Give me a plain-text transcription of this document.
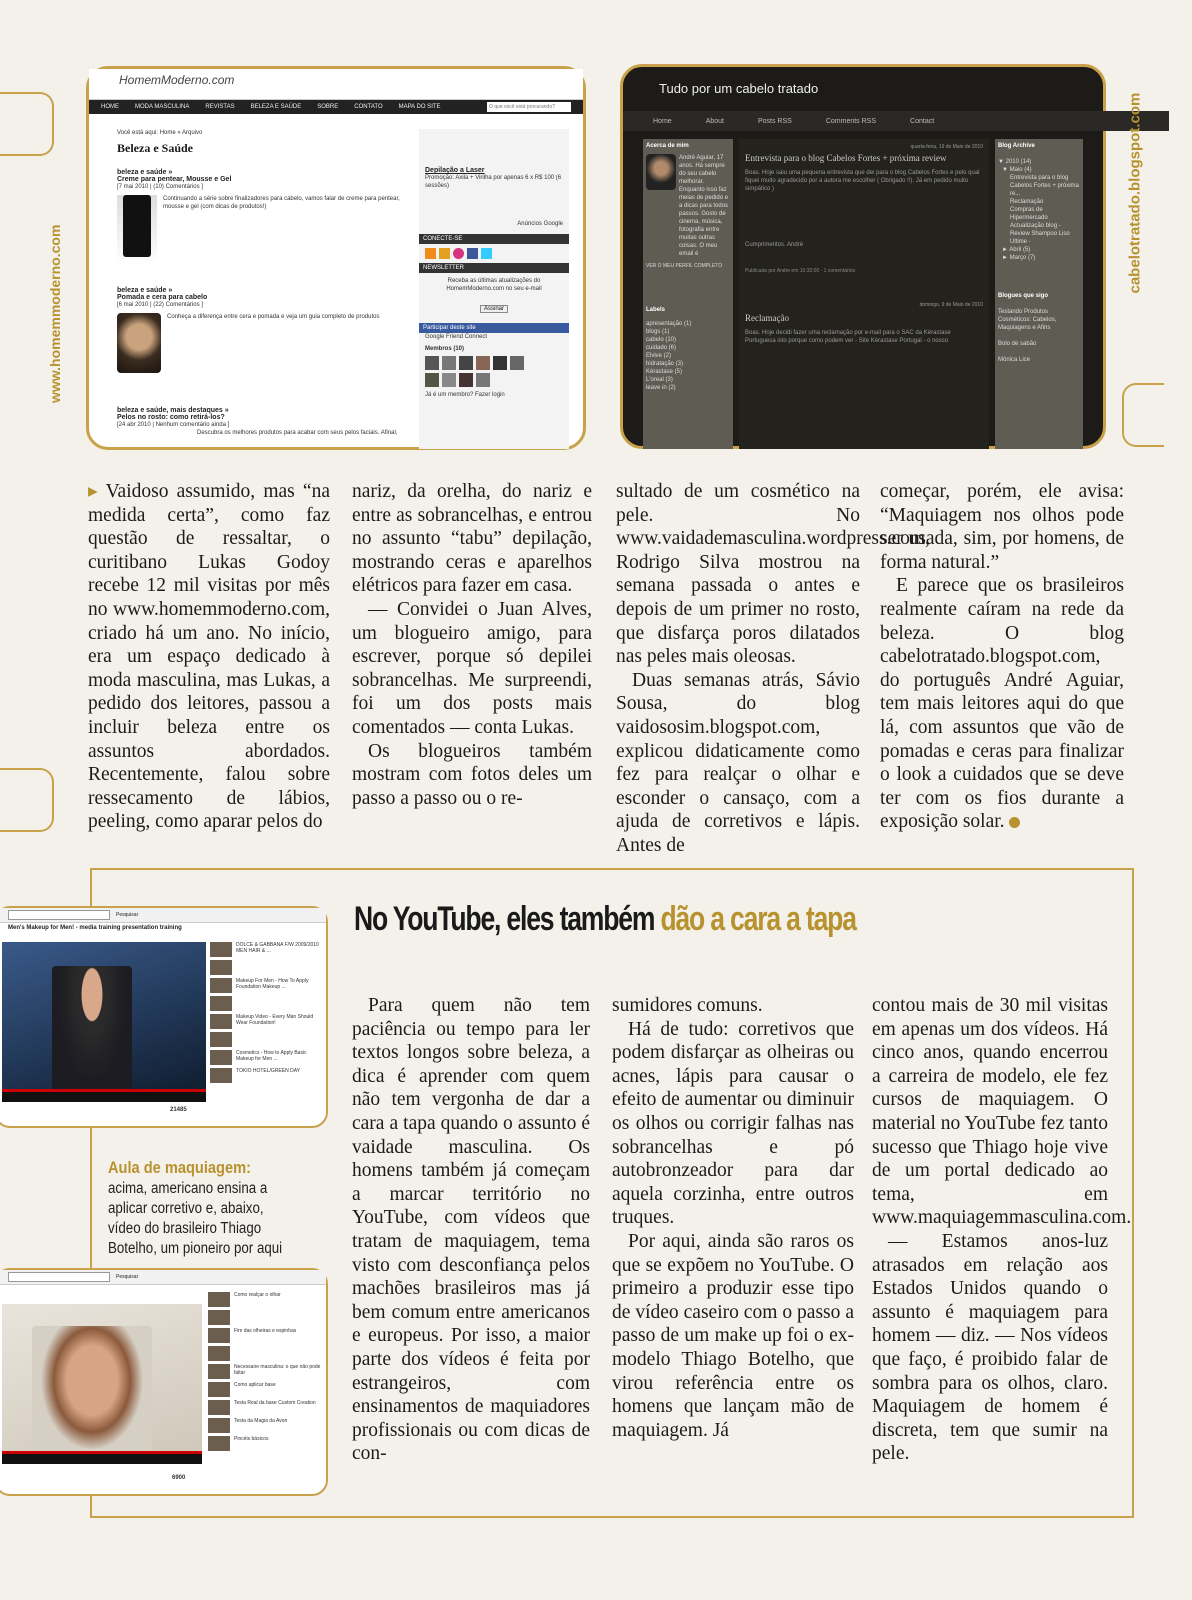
www.homemmoderno.com
HomemModerno.com
HOME	MODA MASCULINA	REVISTAS	BELEZA E SAÚDE	SOBRE	CONTATO	MAPA DO SITE
O que você está procurando?
Você está aqui: Home » Arquivo
Beleza e Saúde
beleza e saúde »
Creme para pentear, Mousse e Gel
[7 mai 2010 | (10) Comentários ]
Continuando a série sobre finalizadores para cabelo, vamos falar de creme para pentear, mousse e gel (com dicas de produtos!)
beleza e saúde »
Pomada e cera para cabelo
[6 mai 2010 | (22) Comentários ]
Conheça a diferença entre cera e pomada e veja um guia completo de produtos
beleza e saúde, mais destaques »
Pelos no rosto: como retirá-los?
[24 abr 2010 | Nenhum comentário ainda ]
Descubra os melhores produtos para acabar com seus pelos faciais. Afinal,
Depilação a Laser
Promoção: Axila + Virilha por apenas 6 x R$ 100 (6 sessões)
Anúncios Google
CONECTE-SE
NEWSLETTER
Receba as últimas atualizações do HomemModerno.com no seu e-mail
Assinar
Participar deste site
Google Friend Connect
Membros (10)
Já é um membro? Fazer login
Tudo por um cabelo tratado
Home	About	Posts RSS	Comments RSS	Contact
Acerca de mim
André Aguiar, 17 anos. Há sempre do seu cabelo melhorar. Enquanto isso faz meias de pedido e a dicas para todos passos. Gosto de cinema, música, fotografia entre muitas outras coisas. O meu email é
VER O MEU PERFIL COMPLETO
Labels
apresentação (1)
blogs (1)
cabelo (10)
cuidado (6)
Elvive (2)
hidratação (3)
Kérastase (5)
L'oreal (3)
leave in (2)
quarta-feira, 19 de Maio de 2010
Entrevista para o blog Cabelos Fortes + próxima review
Boas. Hoje saiu uma pequena entrevista que dei para o blog Cabelos Fortes e pelo qual fiquei muito agradecido por a autora me escolher ( Obrigado !!). Já em pedido muito simpático )
Cumprimentos. André
Publicada por Andre em 10:32:00 · 1 comentários
domingo, 9 de Maio de 2010
Reclamação
Boas. Hoje decidi fazer uma reclamação por e-mail para o SAC da Kérastase Portuguesa isto porque como podem ver - Site Kérastase Portugal - o nosso
Blog Archive
▼ 2010 (14)
▼ Maio (4)
Entrevista para o blog Cabelos Fortes + próxima re...
Reclamação
Compras de Hipermercado
Actualização blog - Review Shampoo Liso Ultime -
► Abril (5)
► Março (7)
Blogues que sigo
Testando Produtos Cosméticos: Cabelos, Maquiagens e Afins
Bolo de sabão
Mônica Lice
cabelotratado.blogspot.com

▸ Vaidoso assumido, mas “na medida certa”, como faz questão de ressaltar, o curitibano Lukas Godoy recebe 12 mil visitas por mês no www.homemmoderno.com, criado há um ano. No início, era um espaço dedicado à moda masculina, mas Lukas, a pedido dos leitores, passou a incluir beleza entre os assuntos abordados. Recentemente, falou sobre ressecamento de lábios, peeling, como aparar pelos do

nariz, da orelha, do nariz e entre as sobrancelhas, e entrou no assunto “tabu” depilação, mostrando ceras e aparelhos elétricos para fazer em casa.

— Convidei o Juan Alves, um blogueiro amigo, para escrever, porque só depilei sobrancelhas. Me surpreendi, foi um dos posts mais comentados — conta Lukas.

Os blogueiros também mostram com fotos deles um passo a passo ou o re-

sultado de um cosmético na pele. No www.vaidademasculina.wordpress.com, Rodrigo Silva mostrou na semana passada o antes e depois de um primer no rosto, que disfarça poros dilatados nas peles mais oleosas.

Duas semanas atrás, Sávio Sousa, do blog vaidososim.blogspot.com, explicou didaticamente como fez para realçar o olhar e esconder o cansaço, com a ajuda de corretivos e lápis. Antes de

começar, porém, ele avisa: “Maquiagem nos olhos pode ser usada, sim, por homens, de forma natural.”

E parece que os brasileiros realmente caíram na rede da beleza. O blog cabelotratado.blogspot.com, do português André Aguiar, tem mais leitores aqui do que lá, com assuntos que vão de pomadas e ceras para finalizar o look a cuidados que se deve ter com os fios durante a exposição solar.

No YouTube, eles também dão a cara a tapa
Pesquisar
Men's Makeup for Men! - media training presentation training
21485
DOLCE & GABBANA F/W 2009/2010 MEN HAIR & ...
Makeup For Men - How To Apply Foundation Makeup ...
Makeup Video - Every Man Should Wear Foundation!
Cosmetics - How to Apply Basic Makeup for Men ...
TOKIO HOTEL/GREEN DAY
Aula de maquiagem: acima, americano ensina a aplicar corretivo e, abaixo, vídeo do brasileiro Thiago Botelho, um pioneiro por aqui
Pesquisar
6900
Como realçar o olhar
Fim das olheiras e espinhas
Necessaire masculina: o que não pode faltar
Como aplicar base
Testa Real da base Custom Creation
Testa da Magia da Avon
Pincéis básicos

Para quem não tem paciência ou tempo para ler textos longos sobre beleza, a dica é aprender com quem não tem vergonha de dar a cara a tapa quando o assunto é vaidade masculina. Os homens também já começam a marcar território no YouTube, com vídeos que tratam de maquiagem, tema visto com desconfiança pelos machões brasileiros mas já bem comum entre americanos e europeus. Por isso, a maior parte dos vídeos é feita por estrangeiros, com ensinamentos de maquiadores profissionais ou com dicas de con-

sumidores comuns.

Há de tudo: corretivos que podem disfarçar as olheiras ou acnes, lápis para causar o efeito de aumentar ou diminuir os olhos ou corrigir falhas nas sobrancelhas e pó autobronzeador para dar aquela corzinha, entre outros truques.

Por aqui, ainda são raros os que se expõem no YouTube. O primeiro a produzir esse tipo de vídeo caseiro com o passo a passo de um make up foi o ex-modelo Thiago Botelho, que virou referência entre os homens que lançam mão de maquiagem. Já

contou mais de 30 mil visitas em apenas um dos vídeos. Há cinco anos, quando encerrou a carreira de modelo, ele fez cursos de maquiagem. O material no YouTube fez tanto sucesso que Thiago hoje vive de um portal dedicado ao tema, em www.maquiagemmasculina.com.

— Estamos anos-luz atrasados em relação aos Estados Unidos quando o assunto é maquiagem para homem — diz. — Nos vídeos que faço, é proibido falar de sombra para os olhos, claro. Maquiagem de homem é discreta, tem que sumir na pele.
